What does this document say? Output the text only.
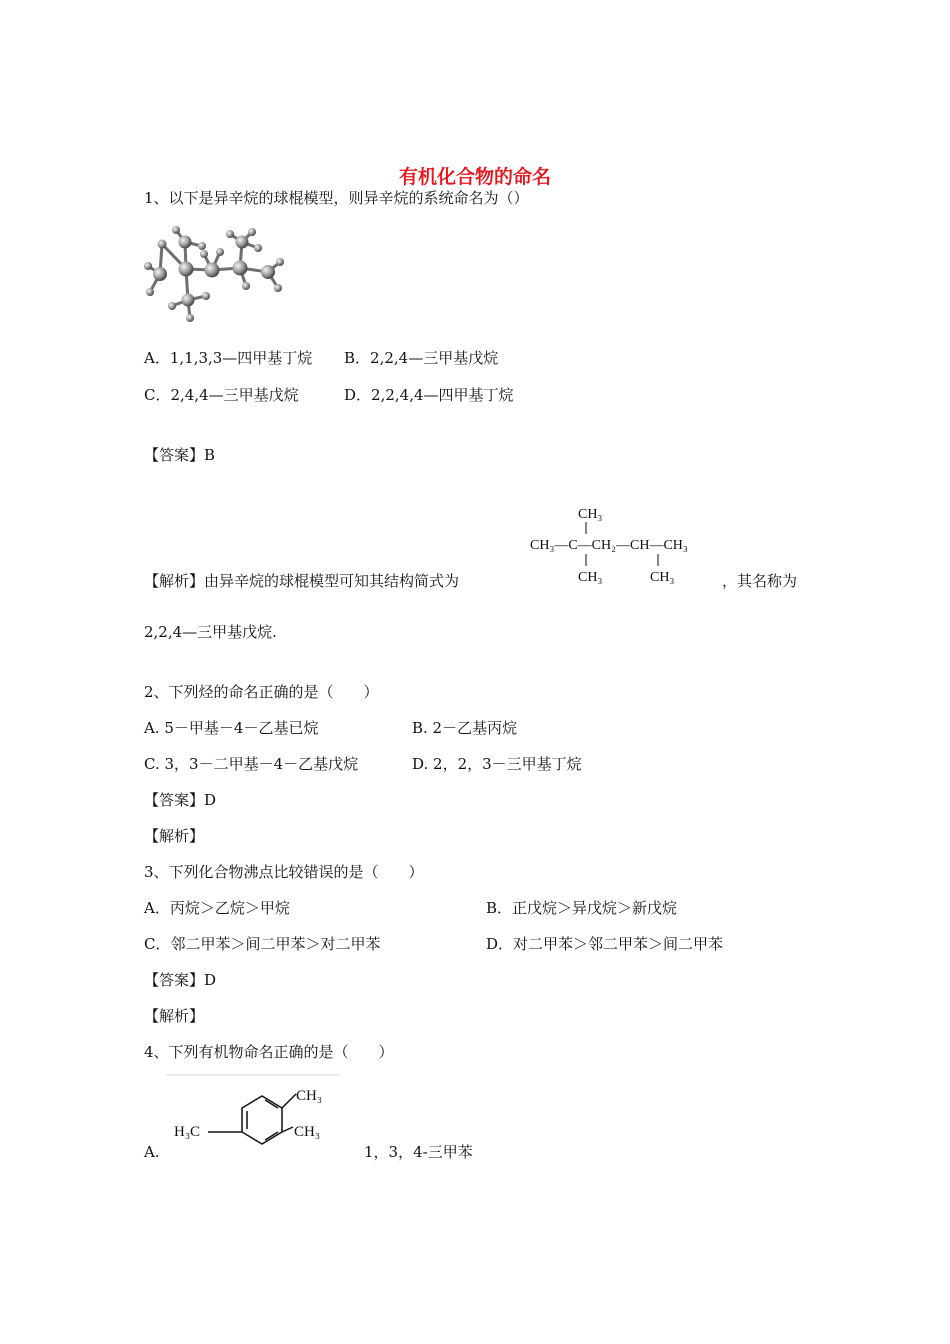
有机化合物的命名
1、以下是异辛烷的球棍模型，则异辛烷的系统命名为（）
A．1,1,3,3—四甲基丁烷 B．2,2,4—三甲基戊烷
C．2,4,4—三甲基戊烷	D．2,2,4,4—四甲基丁烷
【答案】B
CH₃
CH₃—C—CH₂—CH—CH₃
CH₃	CH₃
【解析】由异辛烷的球棍模型可知其结构简式为	，其名称为
2,2,4—三甲基戊烷.
2、下列烃的命名正确的是（　　）
A. 5－甲基－4－乙基已烷	B. 2－乙基丙烷
C. 3，3－二甲基－4－乙基戊烷	D. 2，2，3－三甲基丁烷
【答案】D
【解析】
3、下列化合物沸点比较错误的是（　　）
A．丙烷＞乙烷＞甲烷	B．正戊烷＞异戊烷＞新戊烷
C．邻二甲苯＞间二甲苯＞对二甲苯	D．对二甲苯＞邻二甲苯＞间二甲苯
【答案】D
【解析】
4、下列有机物命名正确的是（　　）
CH₃
CH₃
H₃C
A.	1，3，4-三甲苯
